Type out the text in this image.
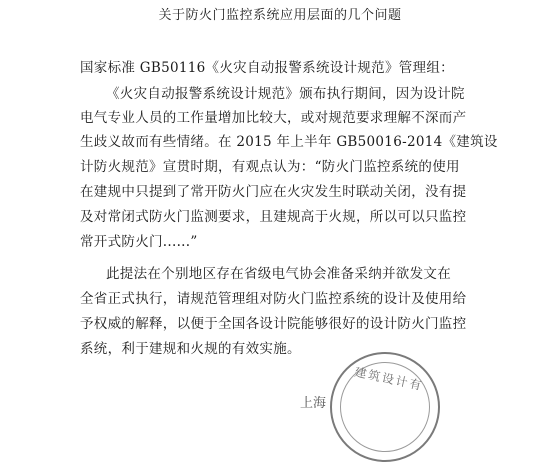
关于防火门监控系统应用层面的几个问题
国家标准 GB50116《火灾自动报警系统设计规范》管理组：
《火灾自动报警系统设计规范》颁布执行期间，因为设计院
电气专业人员的工作量增加比较大，或对规范要求理解不深而产
生歧义故而有些情绪。在 2015 年上半年 GB50016-2014《建筑设
计防火规范》宣贯时期，有观点认为：“防火门监控系统的使用
在建规中只提到了常开防火门应在火灾发生时联动关闭，没有提
及对常闭式防火门监测要求，且建规高于火规，所以可以只监控
常开式防火门......”
此提法在个别地区存在省级电气协会准备采纳并欲发文在
全省正式执行，请规范管理组对防火门监控系统的设计及使用给
予权威的解释，以便于全国各设计院能够很好的设计防火门监控
系统，利于建规和火规的有效实施。
建筑设计有
上海
